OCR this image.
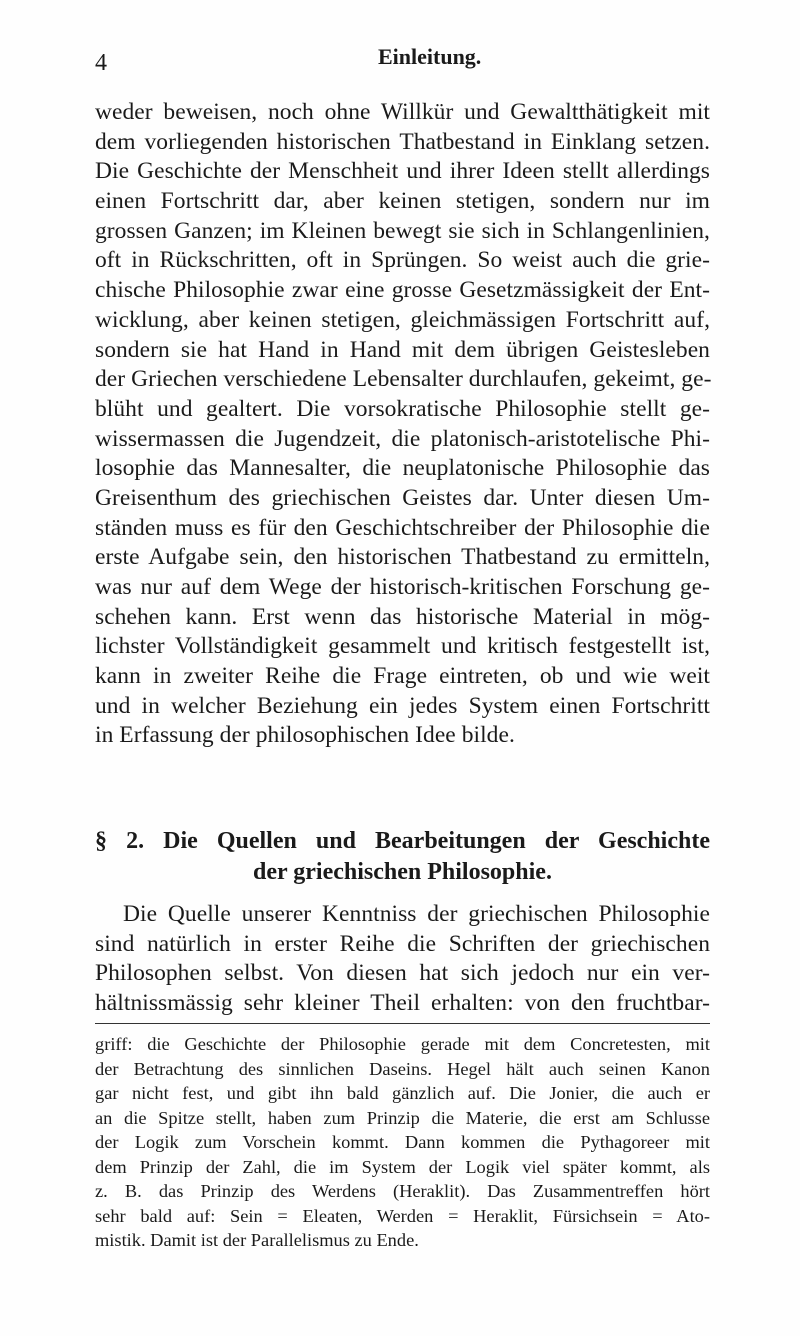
4	Einleitung.
weder beweisen, noch ohne Willkür und Gewaltthätigkeit mit
dem vorliegenden historischen Thatbestand in Einklang setzen.
Die Geschichte der Menschheit und ihrer Ideen stellt allerdings
einen Fortschritt dar, aber keinen stetigen, sondern nur im
grossen Ganzen; im Kleinen bewegt sie sich in Schlangenlinien,
oft in Rückschritten, oft in Sprüngen. So weist auch die grie-
chische Philosophie zwar eine grosse Gesetzmässigkeit der Ent-
wicklung, aber keinen stetigen, gleichmässigen Fortschritt auf,
sondern sie hat Hand in Hand mit dem übrigen Geistesleben
der Griechen verschiedene Lebensalter durchlaufen, gekeimt, ge-
blüht und gealtert. Die vorsokratische Philosophie stellt ge-
wissermassen die Jugendzeit, die platonisch-aristotelische Phi-
losophie das Mannesalter, die neuplatonische Philosophie das
Greisenthum des griechischen Geistes dar. Unter diesen Um-
ständen muss es für den Geschichtschreiber der Philosophie die
erste Aufgabe sein, den historischen Thatbestand zu ermitteln,
was nur auf dem Wege der historisch-kritischen Forschung ge-
schehen kann. Erst wenn das historische Material in mög-
lichster Vollständigkeit gesammelt und kritisch festgestellt ist,
kann in zweiter Reihe die Frage eintreten, ob und wie weit
und in welcher Beziehung ein jedes System einen Fortschritt
in Erfassung der philosophischen Idee bilde.
§ 2. Die Quellen und Bearbeitungen der Geschichte
der griechischen Philosophie.
Die Quelle unserer Kenntniss der griechischen Philosophie
sind natürlich in erster Reihe die Schriften der griechischen
Philosophen selbst. Von diesen hat sich jedoch nur ein ver-
hältnissmässig sehr kleiner Theil erhalten: von den fruchtbar-
griff: die Geschichte der Philosophie gerade mit dem Concretesten, mit
der Betrachtung des sinnlichen Daseins. Hegel hält auch seinen Kanon
gar nicht fest, und gibt ihn bald gänzlich auf. Die Jonier, die auch er
an die Spitze stellt, haben zum Prinzip die Materie, die erst am Schlusse
der Logik zum Vorschein kommt. Dann kommen die Pythagoreer mit
dem Prinzip der Zahl, die im System der Logik viel später kommt, als
z. B. das Prinzip des Werdens (Heraklit). Das Zusammentreffen hört
sehr bald auf: Sein = Eleaten, Werden = Heraklit, Fürsichsein = Ato-
mistik. Damit ist der Parallelismus zu Ende.
